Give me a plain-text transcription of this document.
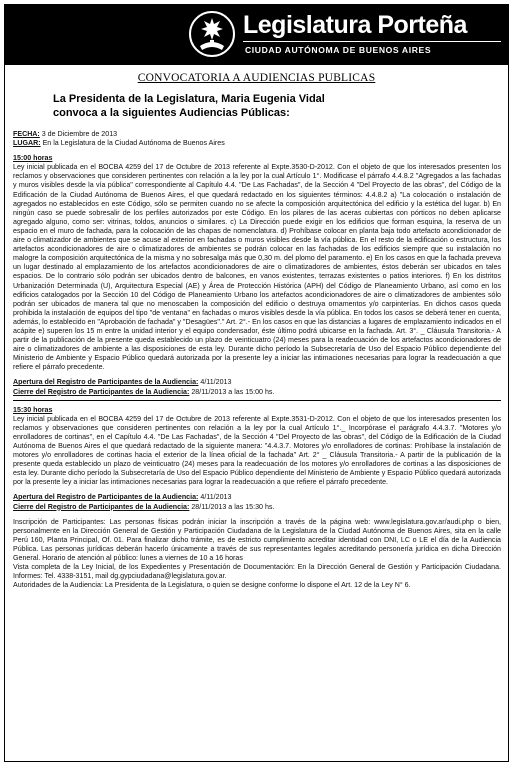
Legislatura Porteña
CIUDAD AUTÓNOMA DE BUENOS AIRES
CONVOCATORIA A AUDIENCIAS PUBLICAS
La Presidenta de la Legislatura, Maria Eugenia Vidal
convoca a la siguientes Audiencias Públicas:

FECHA: 3 de Diciembre de 2013

LUGAR: En la Legislatura de la Ciudad Autónoma de Buenos Aires

15:00 horas

Ley inicial publicada en el BOCBA 4259 del 17 de Octubre de 2013 referente al Expte.3530-D-2012. Con el objeto de que los interesados presenten los reclamos y observaciones que consideren pertinentes con relación a la ley por la cual Artículo 1°. Modificase el párrafo 4.4.8.2 "Agregados a las fachadas y muros visibles desde la vía pública" correspondiente al Capítulo 4.4. "De Las Fachadas", de la Sección 4 "Del Proyecto de las obras", del Código de la Edificación de la Ciudad Autónoma de Buenos Aires, el que quedará redactado en los siguientes términos: 4.4.8.2 a) "La colocación o instalación de agregados no establecidos en este Código, sólo se permiten cuando no se afecte la composición arquitectónica del edificio y la estética del lugar. b) En ningún caso se puede sobresalir de los perfiles autorizados por este Código. En los pilares de las aceras cubiertas con pórticos no deben aplicarse agregado alguno, como ser: vitrinas, toldos, anuncios o similares. c) La Dirección puede exigir en los edificios que forman esquina, la reserva de un espacio en el muro de fachada, para la colocación de las chapas de nomenclatura. d) Prohíbase colocar en planta baja todo artefacto acondicionador de aire o climatizador de ambientes que se acuse al exterior en fachadas o muros visibles desde la vía pública. En el resto de la edificación o estructura, los artefactos acondicionadores de aire o climatizadores de ambientes se podrán colocar en las fachadas de los edificios siempre que su instalación no malogre la composición arquitectónica de la misma y no sobresalga más que 0,30 m. del plomo del paramento. e) En los casos en que la fachada preveva un lugar destinado al emplazamiento de los artefactos acondicionadores de aire o climatizadores de ambientes, éstos deberán ser ubicados en tales espacios. De lo contrario sólo podrán ser ubicados dentro de balcones, en vanos existentes, terrazas existentes o patios interiores. f) En los distritos Urbanización Determinada (U), Arquitectura Especial (AE) y Área de Protección Histórica (APH) del Código de Planeamiento Urbano, así como en los edificios catalogados por la Sección 10 del Código de Planeamiento Urbano los artefactos acondicionadores de aire o climatizadores de ambientes sólo podrán ser ubicados de manera tal que no menoscaben la composición del edificio o destruya ornamentos y/o carpinterías. En dichos casos queda prohibida la instalación de equipos del tipo "de ventana" en fachadas o muros visibles desde la vía pública. En todos los casos se deberá tener en cuenta, además, lo establecido en "Aprobación de fachada" y "Desagües"." Art. 2°.- En los casos en que las distancias a lugares de emplazamiento indicados en el acápite e) superen los 15 m entre la unidad interior y el equipo condensador, éste último podrá ubicarse en la fachada. Art. 3°. _ Cláusula Transitoria.- A partir de la publicación de la presente queda establecido un plazo de veinticuatro (24) meses para la readecuación de los artefactos acondicionadores de aire o climatizadores de ambiente a las disposiciones de esta ley. Durante dicho período la Subsecretaría de Uso del Espacio Público dependiente del Ministerio de Ambiente y Espacio Público quedará autorizada por la presente ley a iniciar las intimaciones necesarias para lograr la readecuación a que refiere el párrafo precedente.

Apertura del Registro de Participantes de la Audiencia: 4/11/2013

Cierre del Registro de Participantes de la Audiencia: 28/11/2013 a las 15:00 hs.

15:30 horas

Ley inicial publicada en el BOCBA 4259 del 17 de Octubre de 2013 referente al Expte.3531-D-2012. Con el objeto de que los interesados presenten los reclamos y observaciones que consideren pertinentes con relación a la ley por la cual Artículo 1°._ Incorpórase el parágrafo 4.4.3.7. "Motores y/o enrolladores de cortinas", en el Capítulo 4.4. "De Las Fachadas", de la Sección 4 "Del Proyecto de las obras", del Código de la Edificación de la Ciudad Autónoma de Buenos Aires el que quedará redactado de la siguiente manera: "4.4.3.7. Motores y/o enrolladores de cortinas: Prohíbase la instalación de motores y/o enrolladores de cortinas hacia el exterior de la línea oficial de la fachada" Art. 2° _ Cláusula Transitoria.- A partir de la publicación de la presente queda establecido un plazo de veinticuatro (24) meses para la readecuación de los motores y/o enrolladores de cortinas a las disposiciones de esta ley. Durante dicho período la Subsecretaría de Uso del Espacio Público dependiente del Ministerio de Ambiente y Espacio Público quedará autorizada por la presente ley a iniciar las intimaciones necesarias para lograr la readecuación a que refiere el párrafo precedente.

Apertura del Registro de Participantes de la Audiencia: 4/11/2013

Cierre del Registro de Participantes de la Audiencia: 28/11/2013 a las 15:30 hs.

Inscripción de Participantes: Las personas físicas podrán iniciar la inscripción a través de la página web: www.legislatura.gov.ar/audi.php o bien, personalmente en la Dirección General de Gestión y Participación Ciudadana de la Legislatura de la Ciudad Autónoma de Buenos Aires, sita en la calle Perú 160, Planta Principal, Of. 01. Para finalizar dicho trámite, es de estricto cumplimiento acreditar identidad con DNI, LC o LE el día de la Audiencia Pública. Las personas jurídicas deberán hacerlo únicamente a través de sus representantes legales acreditando personería jurídica en dicha Dirección General. Horario de atención al público: lunes a viernes de 10 a 16 horas

Vista completa de la Ley Inicial, de los Expedientes y Presentación de Documentación: En la Dirección General de Gestión y Participación Ciudadana. Informes: Tel. 4338-3151, mail dg.gypciudadana@legislatura.gov.ar.

Autoridades de la Audiencia: La Presidenta de la Legislatura, o quien se designe conforme lo dispone el Art. 12 de la Ley N° 6.
